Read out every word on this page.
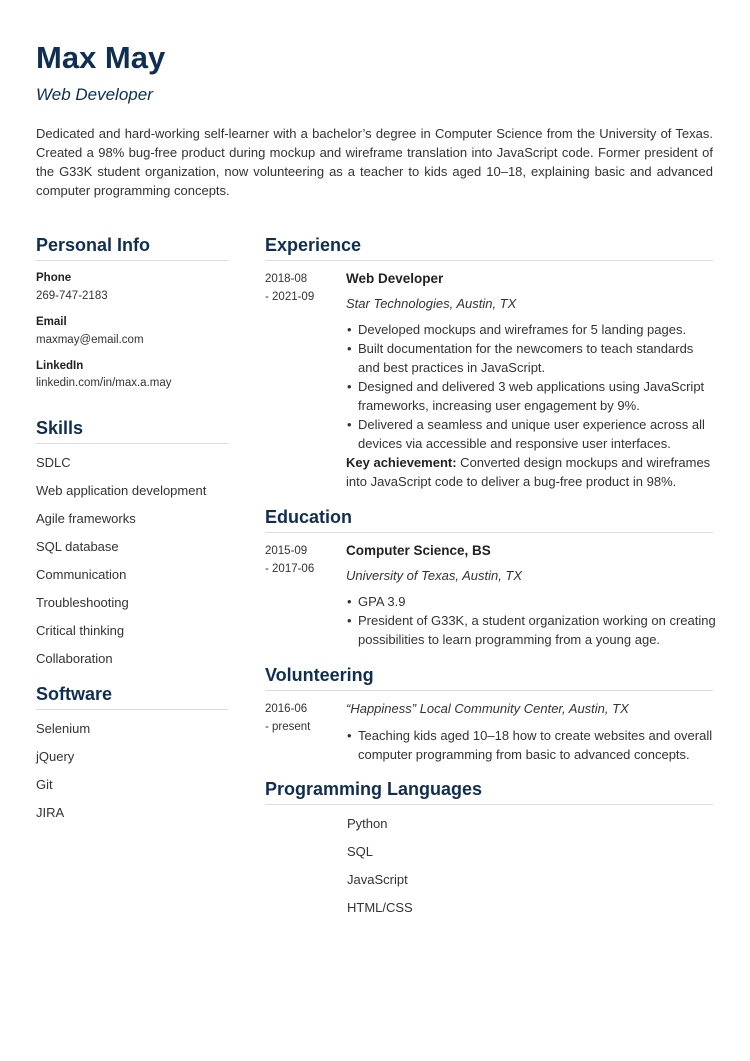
Max May
Web Developer

Dedicated and hard-working self-learner with a bachelor’s degree in Computer Science from the University of Texas. Created a 98% bug-free product during mockup and wireframe translation into JavaScript code. Former president of the G33K student organization, now volunteering as a teacher to kids aged 10–18, explaining basic and advanced computer programming concepts.

Personal Info
Phone
269-747-2183
Email
maxmay@email.com
LinkedIn
linkedin.com/in/max.a.may
Skills
SDLC
Web application development
Agile frameworks
SQL database
Communication
Troubleshooting
Critical thinking
Collaboration
Software
Selenium
jQuery
Git
JIRA
Experience
2018-08
- 2021-09
Web Developer
Star Technologies, Austin, TX
• Developed mockups and wireframes for 5 landing pages.
• Built documentation for the newcomers to teach standards and best practices in JavaScript.
• Designed and delivered 3 web applications using JavaScript frameworks, increasing user engagement by 9%.
• Delivered a seamless and unique user experience across all devices via accessible and responsive user interfaces.

Key achievement: Converted design mockups and wireframes into JavaScript code to deliver a bug-free product in 98%.

Education
2015-09
- 2017-06
Computer Science, BS
University of Texas, Austin, TX
• GPA 3.9
• President of G33K, a student organization working on creating possibilities to learn programming from a young age.
Volunteering
2016-06
- present
“Happiness” Local Community Center, Austin, TX
• Teaching kids aged 10–18 how to create websites and overall computer programming from basic to advanced concepts.
Programming Languages
Python
SQL
JavaScript
HTML/CSS
